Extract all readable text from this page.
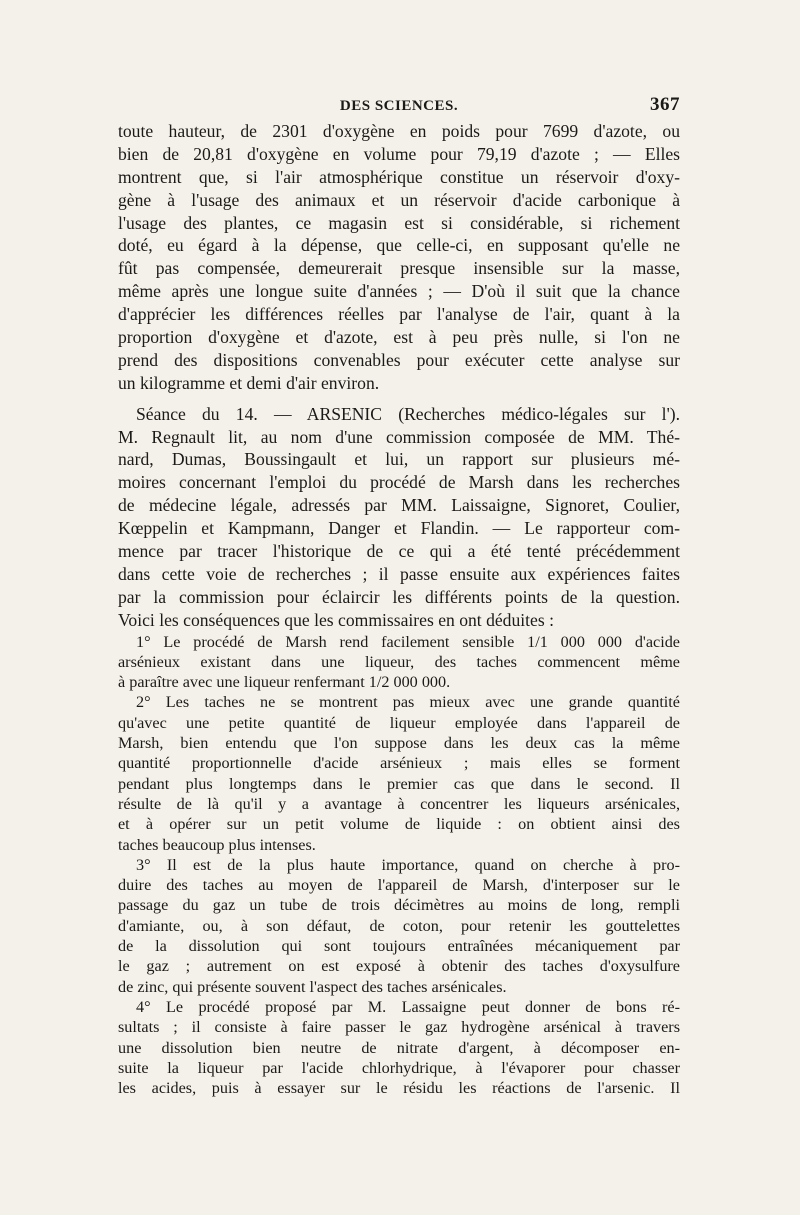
DES SCIENCES.	367
toute hauteur, de 2301 d'oxygène en poids pour 7699 d'azote, ou
bien de 20,81 d'oxygène en volume pour 79,19 d'azote ; — Elles
montrent que, si l'air atmosphérique constitue un réservoir d'oxy-
gène à l'usage des animaux et un réservoir d'acide carbonique à
l'usage des plantes, ce magasin est si considérable, si richement
doté, eu égard à la dépense, que celle-ci, en supposant qu'elle ne
fût pas compensée, demeurerait presque insensible sur la masse,
même après une longue suite d'années ; — D'où il suit que la chance
d'apprécier les différences réelles par l'analyse de l'air, quant à la
proportion d'oxygène et d'azote, est à peu près nulle, si l'on ne
prend des dispositions convenables pour exécuter cette analyse sur
un kilogramme et demi d'air environ.
Séance du 14. — ARSENIC (Recherches médico-légales sur l').
M. Regnault lit, au nom d'une commission composée de MM. Thé-
nard, Dumas, Boussingault et lui, un rapport sur plusieurs mé-
moires concernant l'emploi du procédé de Marsh dans les recherches
de médecine légale, adressés par MM. Laissaigne, Signoret, Coulier,
Kœppelin et Kampmann, Danger et Flandin. — Le rapporteur com-
mence par tracer l'historique de ce qui a été tenté précédemment
dans cette voie de recherches ; il passe ensuite aux expériences faites
par la commission pour éclaircir les différents points de la question.
Voici les conséquences que les commissaires en ont déduites :
1° Le procédé de Marsh rend facilement sensible 1/1 000 000 d'acide
arsénieux existant dans une liqueur, des taches commencent même
à paraître avec une liqueur renfermant 1/2 000 000.
2° Les taches ne se montrent pas mieux avec une grande quantité
qu'avec une petite quantité de liqueur employée dans l'appareil de
Marsh, bien entendu que l'on suppose dans les deux cas la même
quantité proportionnelle d'acide arsénieux ; mais elles se forment
pendant plus longtemps dans le premier cas que dans le second. Il
résulte de là qu'il y a avantage à concentrer les liqueurs arsénicales,
et à opérer sur un petit volume de liquide : on obtient ainsi des
taches beaucoup plus intenses.
3° Il est de la plus haute importance, quand on cherche à pro-
duire des taches au moyen de l'appareil de Marsh, d'interposer sur le
passage du gaz un tube de trois décimètres au moins de long, rempli
d'amiante, ou, à son défaut, de coton, pour retenir les gouttelettes
de la dissolution qui sont toujours entraînées mécaniquement par
le gaz ; autrement on est exposé à obtenir des taches d'oxysulfure
de zinc, qui présente souvent l'aspect des taches arsénicales.
4° Le procédé proposé par M. Lassaigne peut donner de bons ré-
sultats ; il consiste à faire passer le gaz hydrogène arsénical à travers
une dissolution bien neutre de nitrate d'argent, à décomposer en-
suite la liqueur par l'acide chlorhydrique, à l'évaporer pour chasser
les acides, puis à essayer sur le résidu les réactions de l'arsenic. Il
